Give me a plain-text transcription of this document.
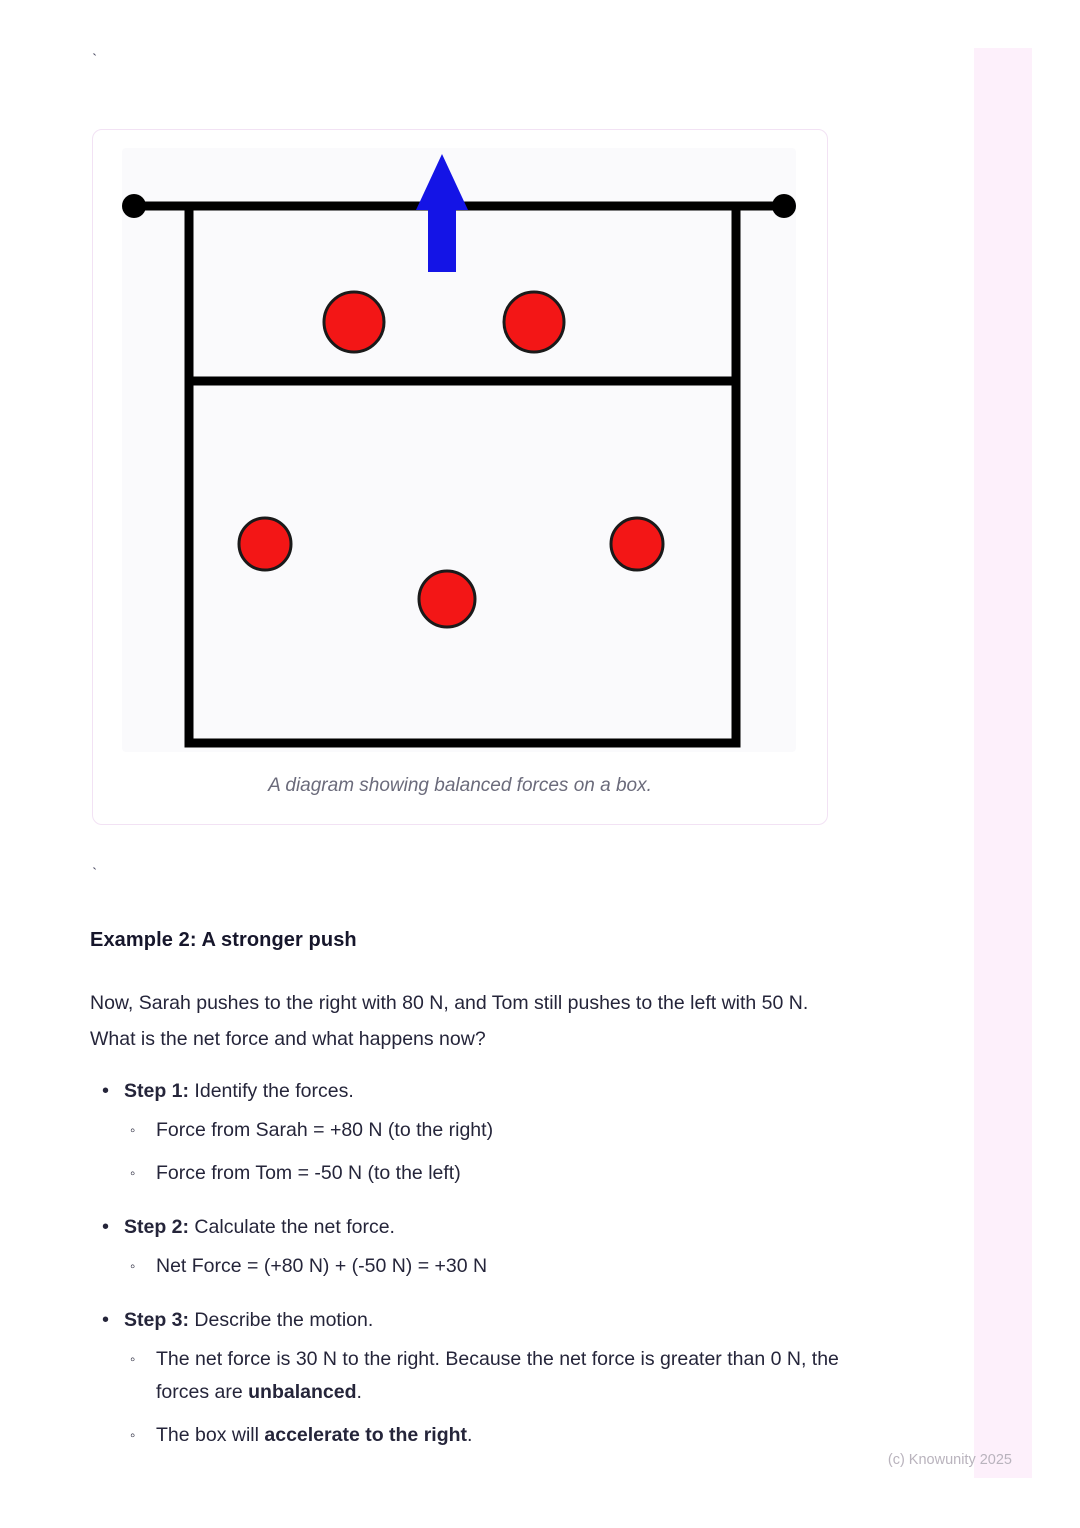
`
A diagram showing balanced forces on a box.
`
Example 2: A stronger push
Now, Sarah pushes to the right with 80 N, and Tom still pushes to the left with 50 N. What is the net force and what happens now?
• Step 1: Identify the forces.
◦ Force from Sarah = +80 N (to the right)
◦ Force from Tom = -50 N (to the left)
• Step 2: Calculate the net force.
◦ Net Force = (+80 N) + (-50 N) = +30 N
• Step 3: Describe the motion.
◦ The net force is 30 N to the right. Because the net force is greater than 0 N, the forces are unbalanced.
◦ The box will accelerate to the right.
(c) Knowunity 2025
